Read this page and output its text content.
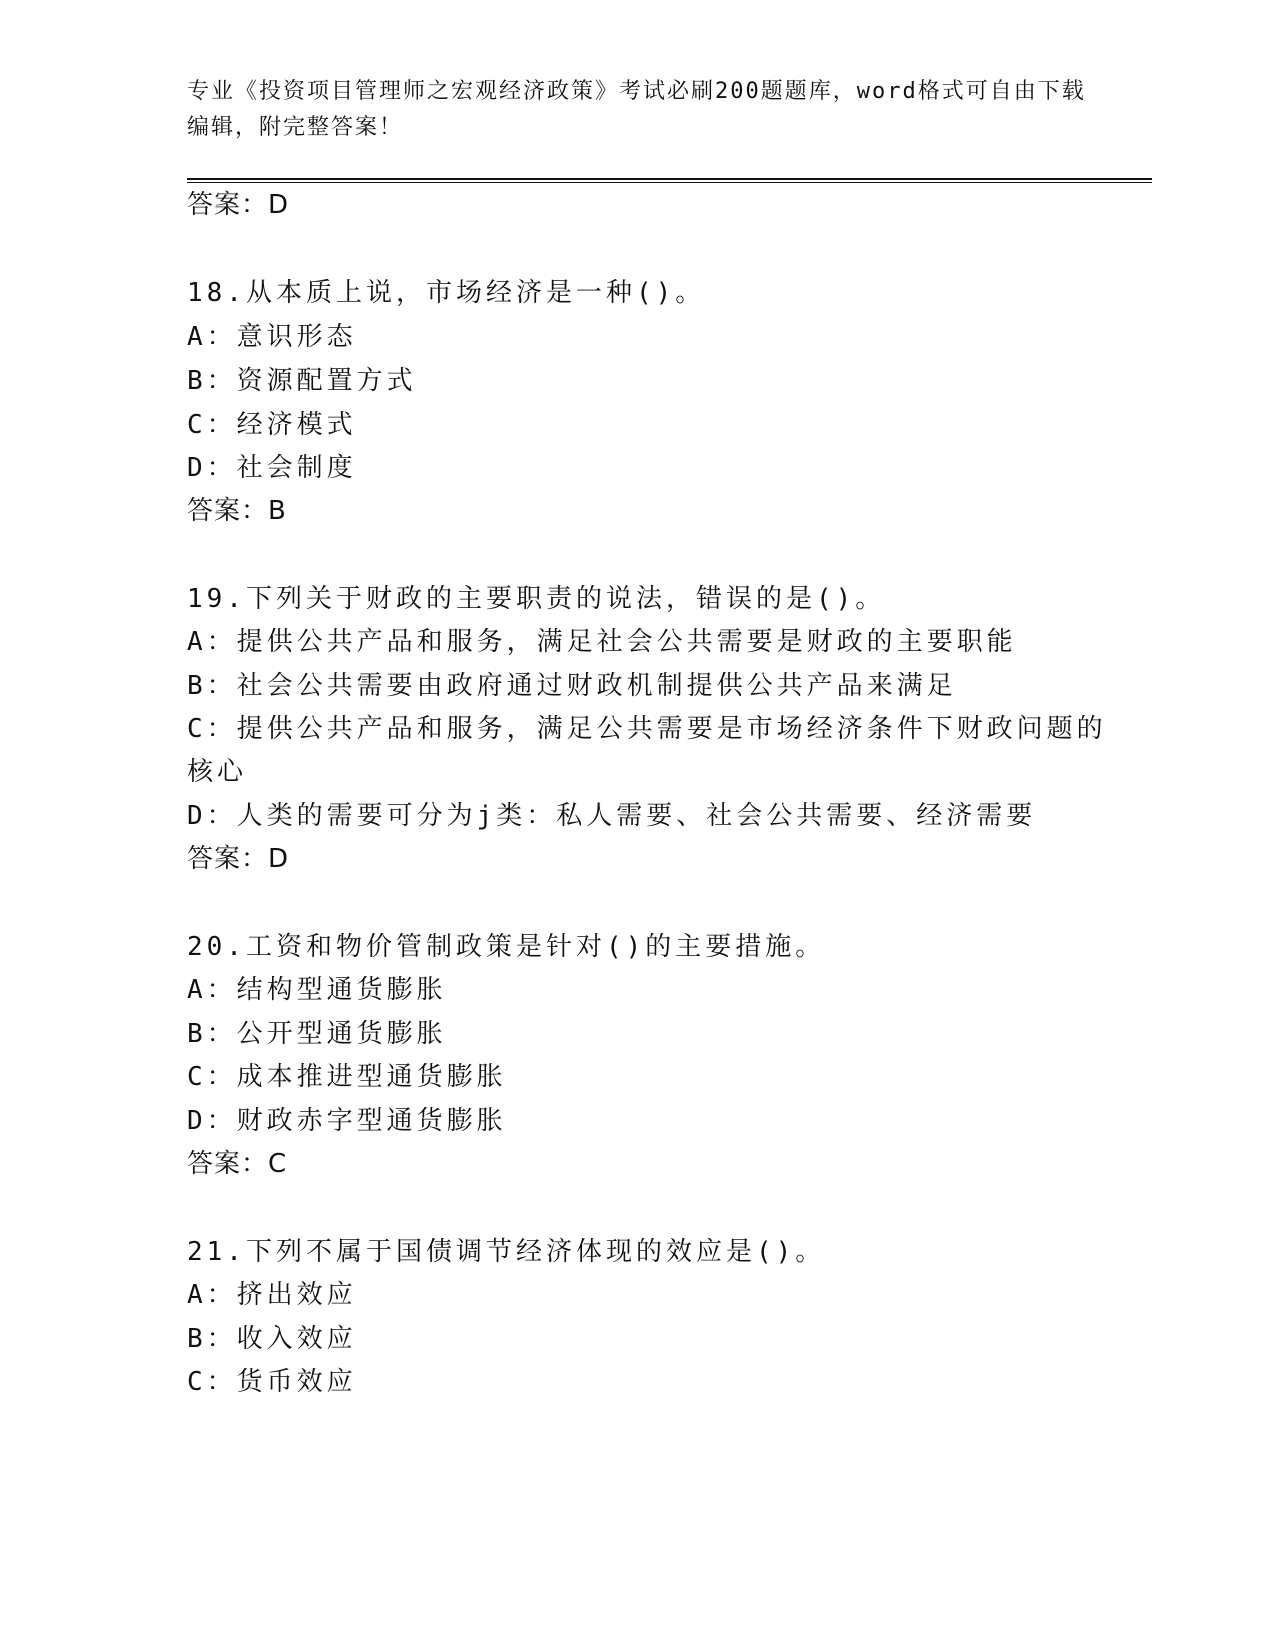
专业《投资项目管理师之宏观经济政策》考试必刷200题题库，word格式可自由下载编辑，附完整答案！
答案：D
18.从本质上说，市场经济是一种()。
A：意识形态
B：资源配置方式
C：经济模式
D：社会制度
答案：B
19.下列关于财政的主要职责的说法，错误的是()。
A：提供公共产品和服务，满足社会公共需要是财政的主要职能
B：社会公共需要由政府通过财政机制提供公共产品来满足
C：提供公共产品和服务，满足公共需要是市场经济条件下财政问题的
核心
D：人类的需要可分为j类：私人需要、社会公共需要、经济需要
答案：D
20.工资和物价管制政策是针对()的主要措施。
A：结构型通货膨胀
B：公开型通货膨胀
C：成本推进型通货膨胀
D：财政赤字型通货膨胀
答案：C
21.下列不属于国债调节经济体现的效应是()。
A：挤出效应
B：收入效应
C：货币效应
